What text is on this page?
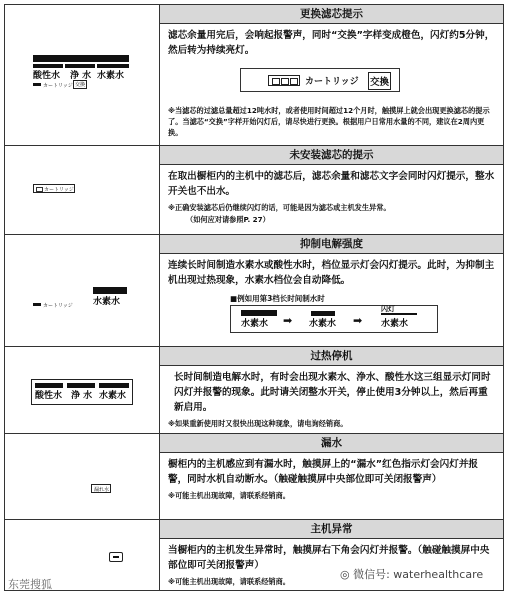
酸性水 浄 水 水素水
カートリッジ 交換
更换滤芯提示
滤芯余量用完后，会响起报警声，同时“交换”字样变成橙色，闪灯约5分钟，然后转为持续亮灯。
カートリッジ 交換
※当滤芯的过滤总量超过12吨水时，或者使用时间超过12个月时，触摸屏上就会出现更换滤芯的提示了。当滤芯“交换”字样开始闪灯后，请尽快进行更换。根据用户日常用水量的不同，建议在2周内更换。
カートリッジ
未安装滤芯的提示
在取出橱柜内的主机中的滤芯后，滤芯余量和滤芯文字会同时闪灯提示，整水开关也不出水。
※正确安装滤芯后仍继续闪灯的话，可能是因为滤芯或主机发生异常。
（如何应对请参照P. 27）
水素水
カートリッジ
抑制电解强度
连续长时间制造水素水或酸性水时，档位显示灯会闪灯提示。此时，为抑制主机出现过热现象，水素水档位会自动降低。
■例如用第3档长时间制水时
水素水 ➡ 水素水 ➡
闪灯
水素水
酸性水 浄 水 水素水
过热停机
长时间制造电解水时，有时会出现水素水、浄水、酸性水这三组显示灯同时闪灯并报警的现象。此时请关闭整水开关，停止使用3分钟以上，然后再重新启用。
※如果重新使用时又很快出现这种现象，请电询经销商。
漏れ水
漏水
橱柜内的主机感应到有漏水时，触摸屏上的“漏水”红色指示灯会闪灯并报警，同时水机自动断水。（触碰触摸屏中央部位即可关闭报警声）
※可能主机出现故障，请联系经销商。
主机异常
当橱柜内的主机发生异常时，触摸屏右下角会闪灯并报警。（触碰触摸屏中央部位即可关闭报警声）
※可能主机出现故障，请联系经销商。
东莞搜狐
◎ 微信号: waterhealthcare
